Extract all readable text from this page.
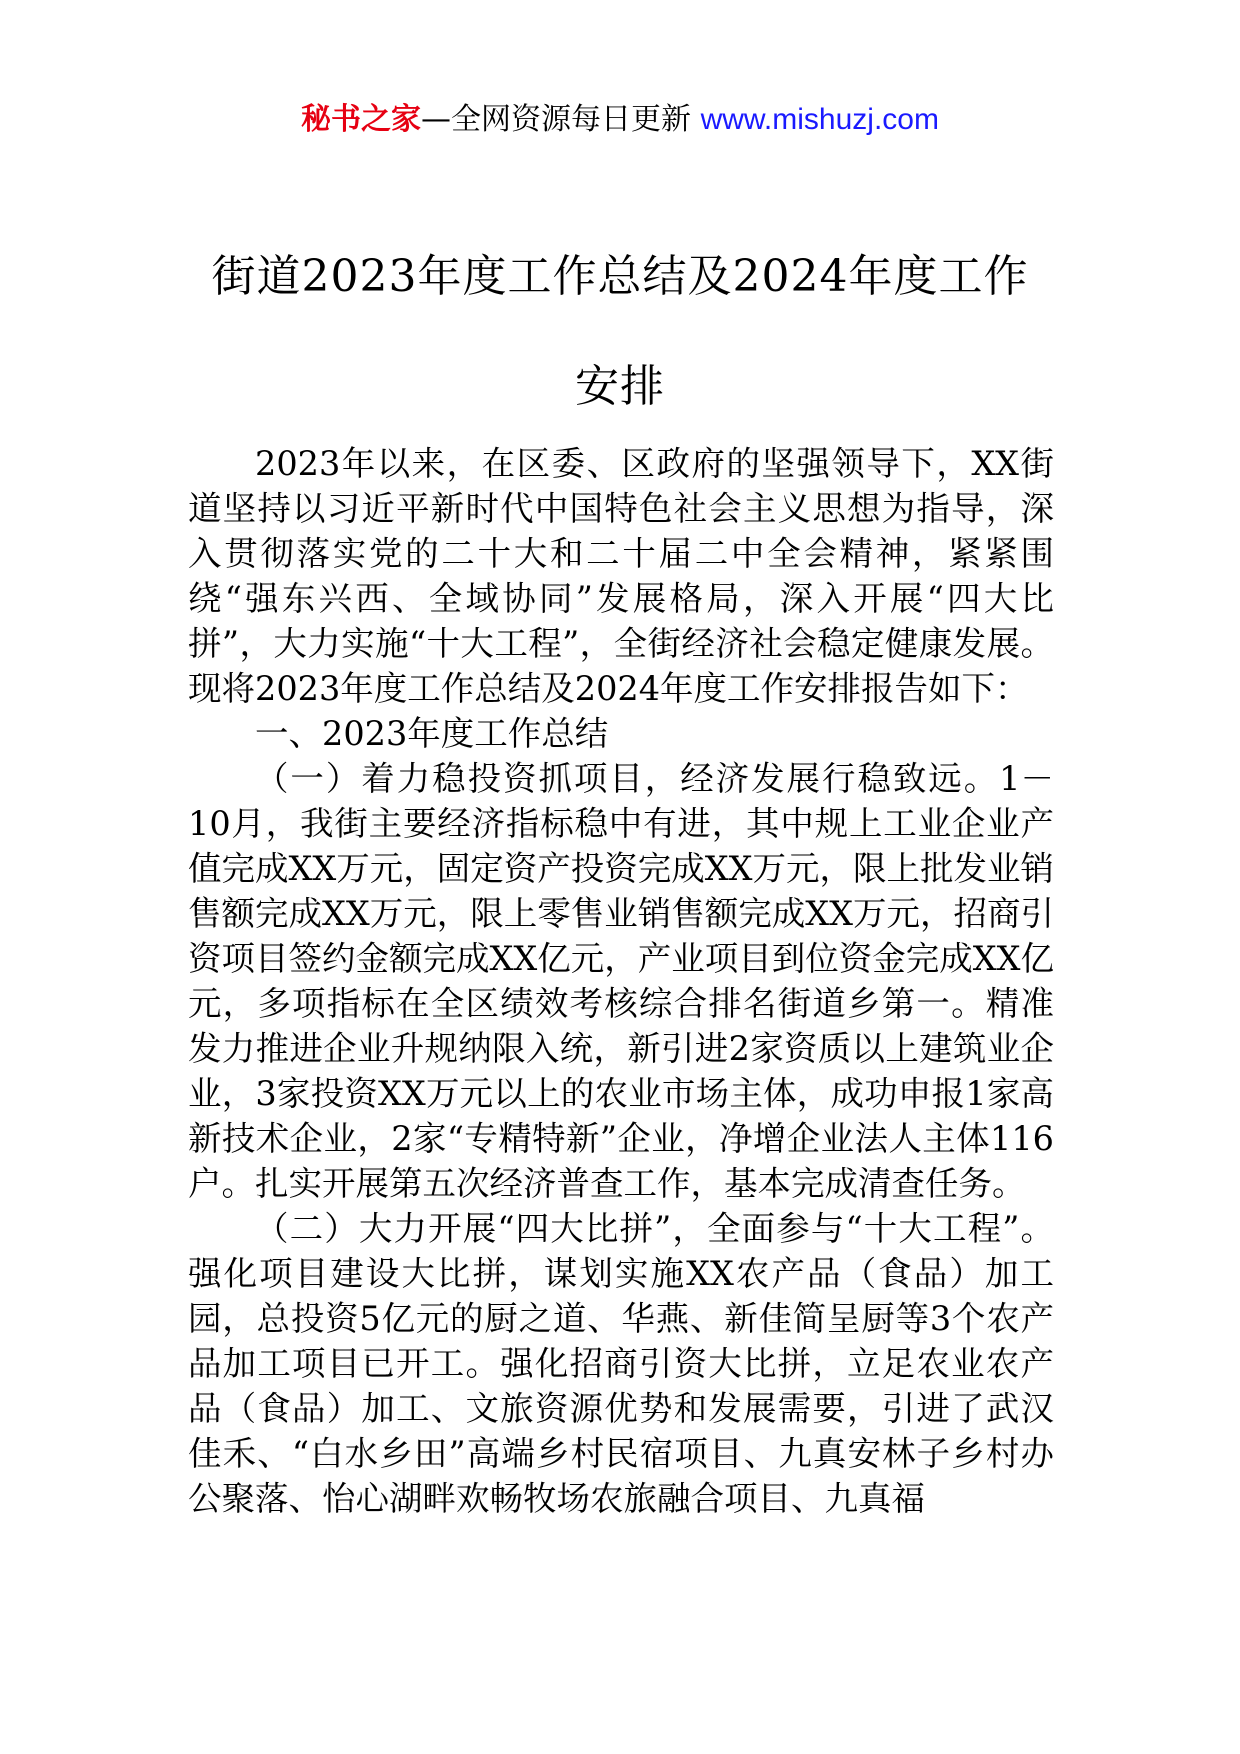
秘书之家—全网资源每日更新 www.mishuzj.com
街道2023年度工作总结及2024年度工作
安排

2023年以来，在区委、区政府的坚强领导下，XX街道坚持以习近平新时代中国特色社会主义思想为指导，深入贯彻落实党的二十大和二十届二中全会精神，紧紧围绕“强东兴西、全域协同”发展格局，深入开展“四大比拼”，大力实施“十大工程”，全街经济社会稳定健康发展。现将2023年度工作总结及2024年度工作安排报告如下：

一、2023年度工作总结

（一）着力稳投资抓项目，经济发展行稳致远。1－10月，我街主要经济指标稳中有进，其中规上工业企业产值完成XX万元，固定资产投资完成XX万元，限上批发业销售额完成XX万元，限上零售业销售额完成XX万元，招商引资项目签约金额完成XX亿元，产业项目到位资金完成XX亿元，多项指标在全区绩效考核综合排名街道乡第一。精准发力推进企业升规纳限入统，新引进2家资质以上建筑业企业，3家投资XX万元以上的农业市场主体，成功申报1家高新技术企业，2家“专精特新”企业，净增企业法人主体116户。扎实开展第五次经济普查工作，基本完成清查任务。

（二）大力开展“四大比拼”，全面参与“十大工程”。强化项目建设大比拼，谋划实施XX农产品（食品）加工园，总投资5亿元的厨之道、华燕、新佳简呈厨等3个农产品加工项目已开工。强化招商引资大比拼，立足农业农产品（食品）加工、文旅资源优势和发展需要，引进了武汉佳禾、“白水乡田”高端乡村民宿项目、九真安林子乡村办公聚落、怡心湖畔欢畅牧场农旅融合项目、九真福
